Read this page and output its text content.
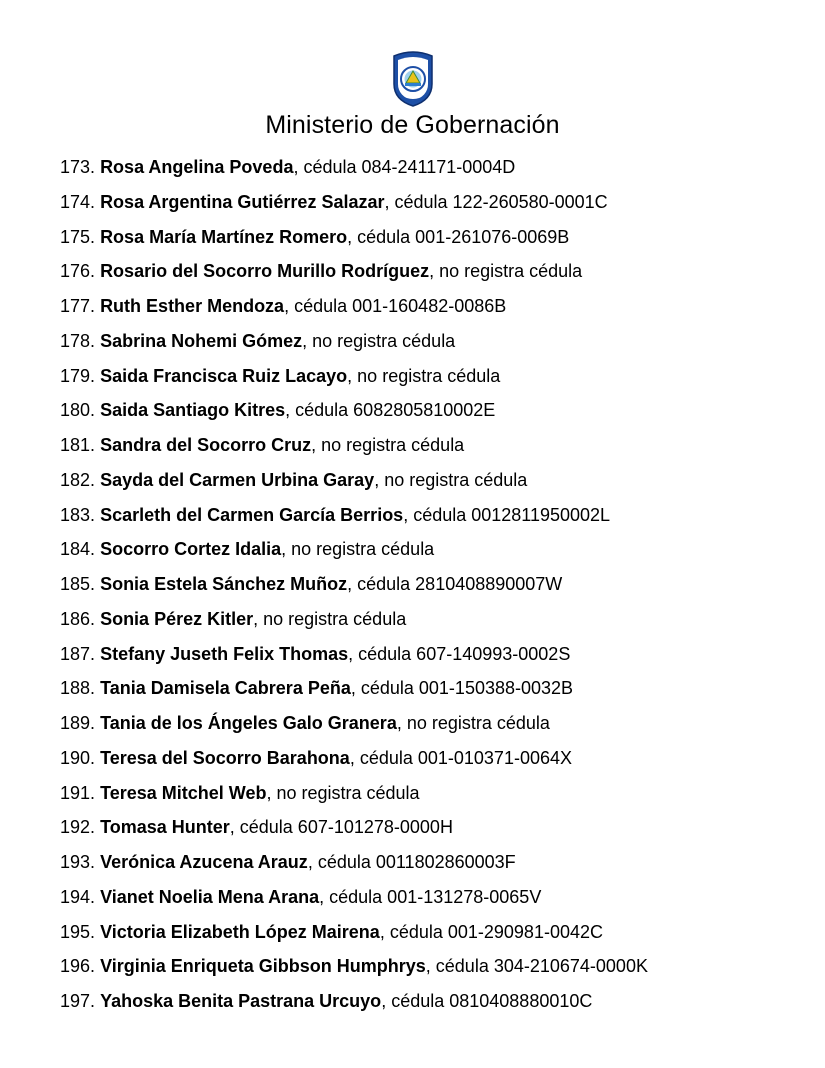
Ministerio de Gobernación
173. Rosa Angelina Poveda, cédula 084-241171-0004D
174. Rosa Argentina Gutiérrez Salazar, cédula 122-260580-0001C
175. Rosa María Martínez Romero, cédula 001-261076-0069B
176. Rosario del Socorro Murillo Rodríguez, no registra cédula
177. Ruth Esther Mendoza, cédula 001-160482-0086B
178. Sabrina Nohemi Gómez, no registra cédula
179. Saida Francisca Ruiz Lacayo, no registra cédula
180. Saida Santiago Kitres, cédula 6082805810002E
181. Sandra del Socorro Cruz, no registra cédula
182. Sayda del Carmen Urbina Garay, no registra cédula
183. Scarleth del Carmen García Berrios, cédula 0012811950002L
184. Socorro Cortez Idalia, no registra cédula
185. Sonia Estela Sánchez Muñoz, cédula 2810408890007W
186. Sonia Pérez Kitler, no registra cédula
187. Stefany Juseth Felix Thomas, cédula 607-140993-0002S
188. Tania Damisela Cabrera Peña, cédula 001-150388-0032B
189. Tania de los Ángeles Galo Granera, no registra cédula
190. Teresa del Socorro Barahona, cédula 001-010371-0064X
191. Teresa Mitchel Web, no registra cédula
192. Tomasa Hunter, cédula 607-101278-0000H
193. Verónica Azucena Arauz, cédula 0011802860003F
194. Vianet Noelia Mena Arana, cédula 001-131278-0065V
195. Victoria Elizabeth López Mairena, cédula 001-290981-0042C
196. Virginia Enriqueta Gibbson Humphrys, cédula 304-210674-0000K
197. Yahoska Benita Pastrana Urcuyo, cédula 0810408880010C
